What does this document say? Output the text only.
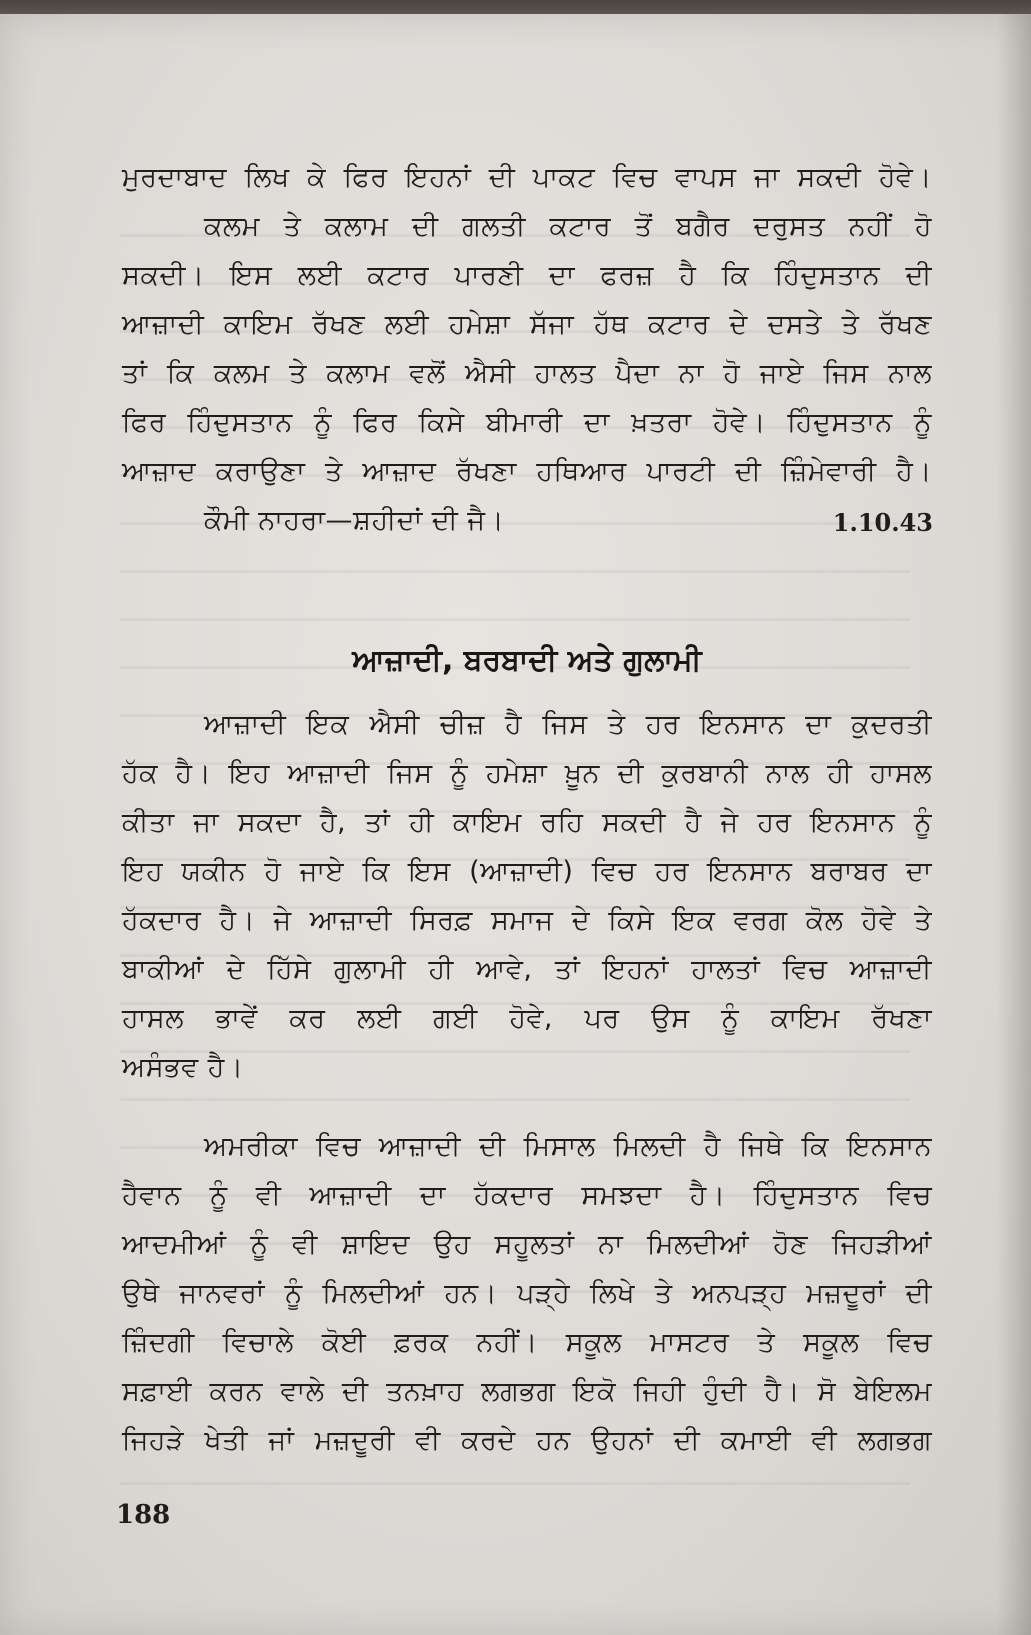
ਮੁਰਦਾਬਾਦ ਲਿਖ ਕੇ ਫਿਰ ਇਹਨਾਂ ਦੀ ਪਾਕਟ ਵਿਚ ਵਾਪਸ ਜਾ ਸਕਦੀ ਹੋਵੇ।
ਕਲਮ ਤੇ ਕਲਾਮ ਦੀ ਗਲਤੀ ਕਟਾਰ ਤੋਂ ਬਗੈਰ ਦਰੁਸਤ ਨਹੀਂ ਹੋ
ਸਕਦੀ। ਇਸ ਲਈ ਕਟਾਰ ਪਾਰਣੀ ਦਾ ਫਰਜ਼ ਹੈ ਕਿ ਹਿੰਦੁਸਤਾਨ ਦੀ
ਆਜ਼ਾਦੀ ਕਾਇਮ ਰੱਖਣ ਲਈ ਹਮੇਸ਼ਾ ਸੱਜਾ ਹੱਥ ਕਟਾਰ ਦੇ ਦਸਤੇ ਤੇ ਰੱਖਣ
ਤਾਂ ਕਿ ਕਲਮ ਤੇ ਕਲਾਮ ਵਲੋਂ ਐਸੀ ਹਾਲਤ ਪੈਦਾ ਨਾ ਹੋ ਜਾਏ ਜਿਸ ਨਾਲ
ਫਿਰ ਹਿੰਦੁਸਤਾਨ ਨੂੰ ਫਿਰ ਕਿਸੇ ਬੀਮਾਰੀ ਦਾ ਖ਼ਤਰਾ ਹੋਵੇ। ਹਿੰਦੁਸਤਾਨ ਨੂੰ
ਆਜ਼ਾਦ ਕਰਾਉਣਾ ਤੇ ਆਜ਼ਾਦ ਰੱਖਣਾ ਹਥਿਆਰ ਪਾਰਟੀ ਦੀ ਜ਼ਿੰਮੇਵਾਰੀ ਹੈ।
ਕੌਮੀ ਨਾਹਰਾ—ਸ਼ਹੀਦਾਂ ਦੀ ਜੈ।	1.10.43
ਆਜ਼ਾਦੀ, ਬਰਬਾਦੀ ਅਤੇ ਗੁਲਾਮੀ
ਆਜ਼ਾਦੀ ਇਕ ਐਸੀ ਚੀਜ਼ ਹੈ ਜਿਸ ਤੇ ਹਰ ਇਨਸਾਨ ਦਾ ਕੁਦਰਤੀ
ਹੱਕ ਹੈ। ਇਹ ਆਜ਼ਾਦੀ ਜਿਸ ਨੂੰ ਹਮੇਸ਼ਾ ਖ਼ੂਨ ਦੀ ਕੁਰਬਾਨੀ ਨਾਲ ਹੀ ਹਾਸਲ
ਕੀਤਾ ਜਾ ਸਕਦਾ ਹੈ, ਤਾਂ ਹੀ ਕਾਇਮ ਰਹਿ ਸਕਦੀ ਹੈ ਜੇ ਹਰ ਇਨਸਾਨ ਨੂੰ
ਇਹ ਯਕੀਨ ਹੋ ਜਾਏ ਕਿ ਇਸ (ਆਜ਼ਾਦੀ) ਵਿਚ ਹਰ ਇਨਸਾਨ ਬਰਾਬਰ ਦਾ
ਹੱਕਦਾਰ ਹੈ। ਜੇ ਆਜ਼ਾਦੀ ਸਿਰਫ਼ ਸਮਾਜ ਦੇ ਕਿਸੇ ਇਕ ਵਰਗ ਕੋਲ ਹੋਵੇ ਤੇ
ਬਾਕੀਆਂ ਦੇ ਹਿੱਸੇ ਗੁਲਾਮੀ ਹੀ ਆਵੇ, ਤਾਂ ਇਹਨਾਂ ਹਾਲਤਾਂ ਵਿਚ ਆਜ਼ਾਦੀ
ਹਾਸਲ ਭਾਵੇਂ ਕਰ ਲਈ ਗਈ ਹੋਵੇ, ਪਰ ਉਸ ਨੂੰ ਕਾਇਮ ਰੱਖਣਾ
ਅਸੰਭਵ ਹੈ।
ਅਮਰੀਕਾ ਵਿਚ ਆਜ਼ਾਦੀ ਦੀ ਮਿਸਾਲ ਮਿਲਦੀ ਹੈ ਜਿਥੇ ਕਿ ਇਨਸਾਨ
ਹੈਵਾਨ ਨੂੰ ਵੀ ਆਜ਼ਾਦੀ ਦਾ ਹੱਕਦਾਰ ਸਮਝਦਾ ਹੈ। ਹਿੰਦੁਸਤਾਨ ਵਿਚ
ਆਦਮੀਆਂ ਨੂੰ ਵੀ ਸ਼ਾਇਦ ਉਹ ਸਹੂਲਤਾਂ ਨਾ ਮਿਲਦੀਆਂ ਹੋਣ ਜਿਹੜੀਆਂ
ਉਥੇ ਜਾਨਵਰਾਂ ਨੂੰ ਮਿਲਦੀਆਂ ਹਨ। ਪੜ੍ਹੇ ਲਿਖੇ ਤੇ ਅਨਪੜ੍ਹ ਮਜ਼ਦੂਰਾਂ ਦੀ
ਜ਼ਿੰਦਗੀ ਵਿਚਾਲੇ ਕੋਈ ਫ਼ਰਕ ਨਹੀਂ। ਸਕੂਲ ਮਾਸਟਰ ਤੇ ਸਕੂਲ ਵਿਚ
ਸਫ਼ਾਈ ਕਰਨ ਵਾਲੇ ਦੀ ਤਨਖ਼ਾਹ ਲਗਭਗ ਇਕੋ ਜਿਹੀ ਹੁੰਦੀ ਹੈ। ਸੋ ਬੇਇਲਮ
ਜਿਹੜੇ ਖੇਤੀ ਜਾਂ ਮਜ਼ਦੂਰੀ ਵੀ ਕਰਦੇ ਹਨ ਉਹਨਾਂ ਦੀ ਕਮਾਈ ਵੀ ਲਗਭਗ
188
